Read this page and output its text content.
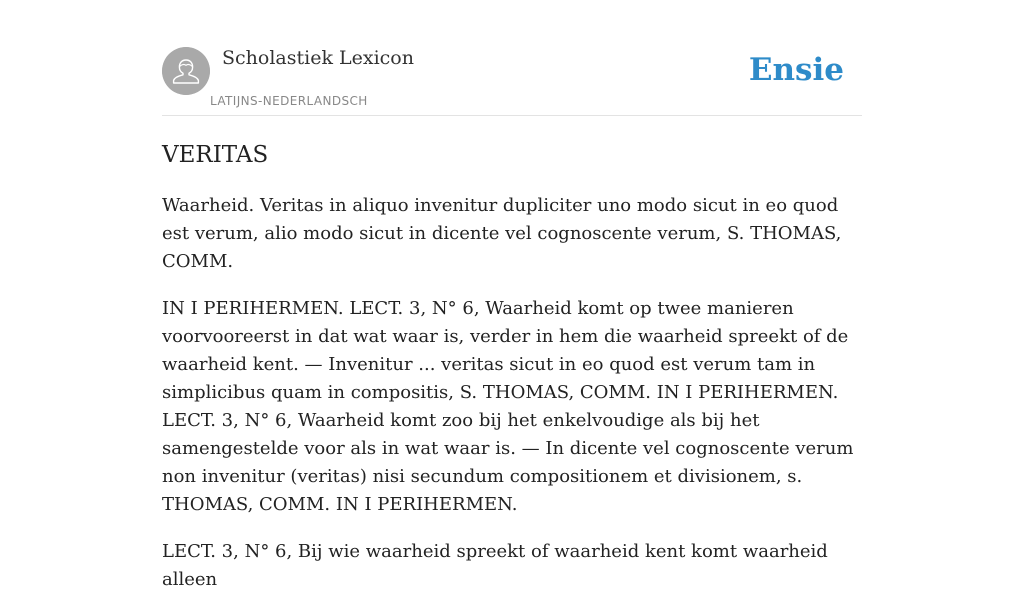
Scholastiek Lexicon
LATIJNS-NEDERLANDSCH
Ensie
VERITAS

Waarheid. Veritas in aliquo invenitur dupliciter uno modo sicut in eo quod est verum, alio modo sicut in dicente vel cognoscente verum, S. THOMAS, COMM.

IN I PERIHERMEN. LECT. 3, N° 6, Waarheid komt op twee manieren voorvooreerst in dat wat waar is, verder in hem die waarheid spreekt of de waarheid kent. — Invenitur ... veritas sicut in eo quod est verum tam in simplicibus quam in compositis, S. THOMAS, COMM. IN I PERIHERMEN. LECT. 3, N° 6, Waarheid komt zoo bij het enkelvoudige als bij het samengestelde voor als in wat waar is. — In dicente vel cognoscente verum non invenitur (veritas) nisi secundum compositionem et divisionem, s. THOMAS, COMM. IN I PERIHERMEN.

LECT. 3, N° 6, Bij wie waarheid spreekt of waarheid kent komt waarheid alleen
